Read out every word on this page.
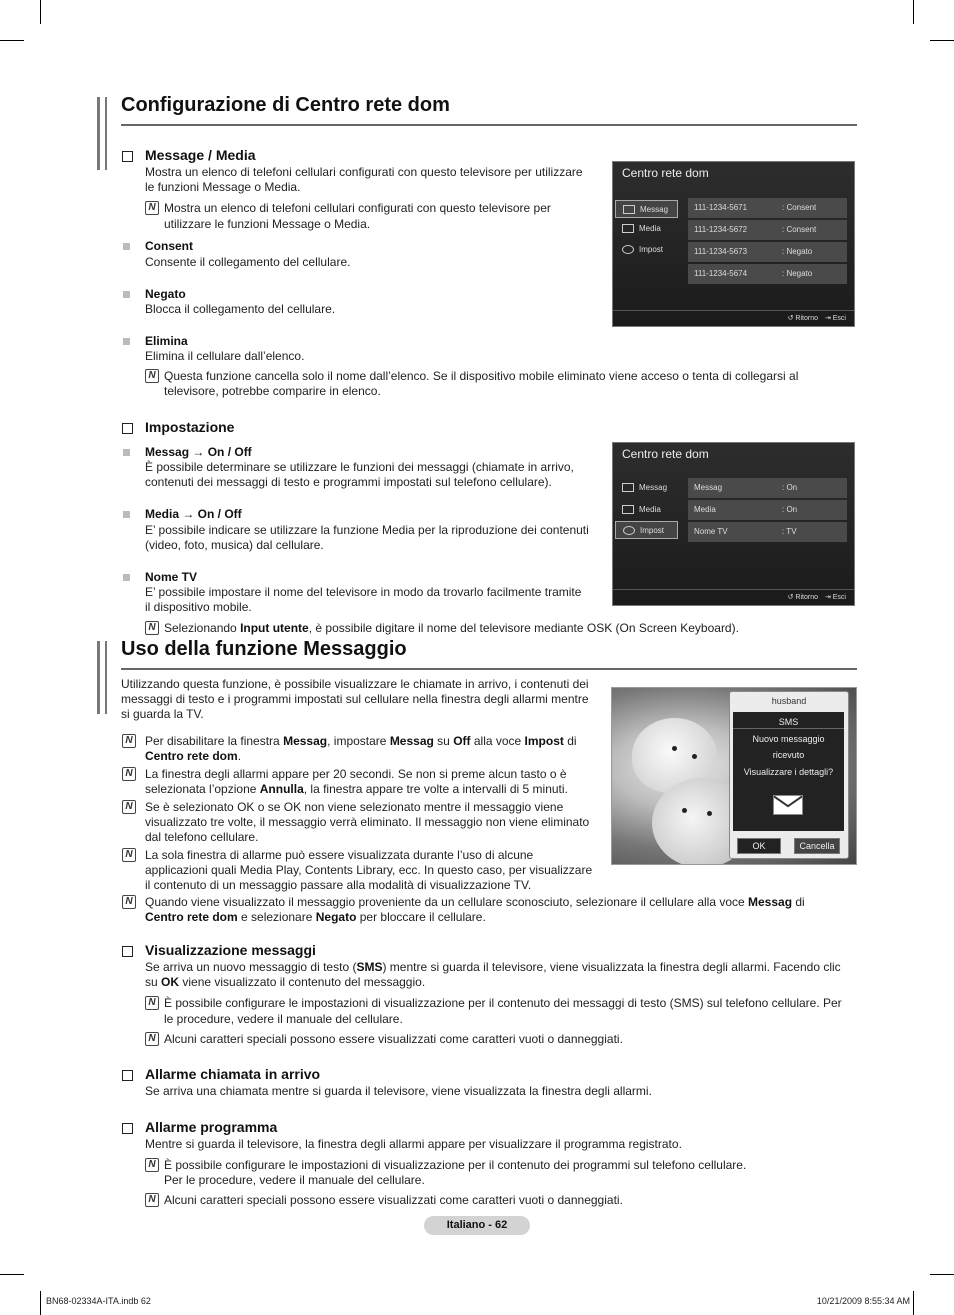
Configurazione di Centro rete dom
Message / Media
Mostra un elenco di telefoni cellulari configurati con questo televisore per utilizzare
le funzioni Message o Media.
N Mostra un elenco di telefoni cellulari configurati con questo televisore per
utilizzare le funzioni Message o Media.
Consent
Consente il collegamento del cellulare.
Negato
Blocca il collegamento del cellulare.
Elimina
Elimina il cellulare dall’elenco.
N Questa funzione cancella solo il nome dall’elenco. Se il dispositivo mobile eliminato viene acceso o tenta di collegarsi al
televisore, potrebbe comparire in elenco.
Centro rete dom
Messag
Media
Impost
111-1234-5671	: Consent
111-1234-5672	: Consent
111-1234-5673	: Negato
111-1234-5674	: Negato
↺ Ritorno ⇥ Esci
Impostazione
Messag → On / Off
È possibile determinare se utilizzare le funzioni dei messaggi (chiamate in arrivo,
contenuti dei messaggi di testo e programmi impostati sul telefono cellulare).
Media → On / Off
E’ possibile indicare se utilizzare la funzione Media per la riproduzione dei contenuti
(video, foto, musica) dal cellulare.
Nome TV
E’ possibile impostare il nome del televisore in modo da trovarlo facilmente tramite
il dispositivo mobile.
N Selezionando Input utente, è possibile digitare il nome del televisore mediante OSK (On Screen Keyboard).
Centro rete dom
Messag
Media
Impost
Messag	: On
Media	: On
Nome TV	: TV
↺ Ritorno ⇥ Esci
Uso della funzione Messaggio
Utilizzando questa funzione, è possibile visualizzare le chiamate in arrivo, i contenuti dei
messaggi di testo e i programmi impostati sul cellulare nella finestra degli allarmi mentre
si guarda la TV.
N Per disabilitare la finestra Messag, impostare Messag su Off alla voce Impost di
Centro rete dom.
N La finestra degli allarmi appare per 20 secondi. Se non si preme alcun tasto o è
selezionata l’opzione Annulla, la finestra appare tre volte a intervalli di 5 minuti.
N Se è selezionato OK o se OK non viene selezionato mentre il messaggio viene
visualizzato tre volte, il messaggio verrà eliminato. Il messaggio non viene eliminato
dal telefono cellulare.
N La sola finestra di allarme può essere visualizzata durante l’uso di alcune
applicazioni quali Media Play, Contents Library, ecc. In questo caso, per visualizzare
il contenuto di un messaggio passare alla modalità di visualizzazione TV.
N Quando viene visualizzato il messaggio proveniente da un cellulare sconosciuto, selezionare il cellulare alla voce Messag di
Centro rete dom e selezionare Negato per bloccare il cellulare.
husband
SMS
Nuovo messaggio
ricevuto
Visualizzare i dettagli?
OK	Cancella
Visualizzazione messaggi
Se arriva un nuovo messaggio di testo (SMS) mentre si guarda il televisore, viene visualizzata la finestra degli allarmi. Facendo clic
su OK viene visualizzato il contenuto del messaggio.
N È possibile configurare le impostazioni di visualizzazione per il contenuto dei messaggi di testo (SMS) sul telefono cellulare. Per
le procedure, vedere il manuale del cellulare.
N Alcuni caratteri speciali possono essere visualizzati come caratteri vuoti o danneggiati.
Allarme chiamata in arrivo
Se arriva una chiamata mentre si guarda il televisore, viene visualizzata la finestra degli allarmi.
Allarme programma
Mentre si guarda il televisore, la finestra degli allarmi appare per visualizzare il programma registrato.
N È possibile configurare le impostazioni di visualizzazione per il contenuto dei programmi sul telefono cellulare.
Per le procedure, vedere il manuale del cellulare.
N Alcuni caratteri speciali possono essere visualizzati come caratteri vuoti o danneggiati.
Italiano - 62
BN68-02334A-ITA.indb 62	10/21/2009 8:55:34 AM
